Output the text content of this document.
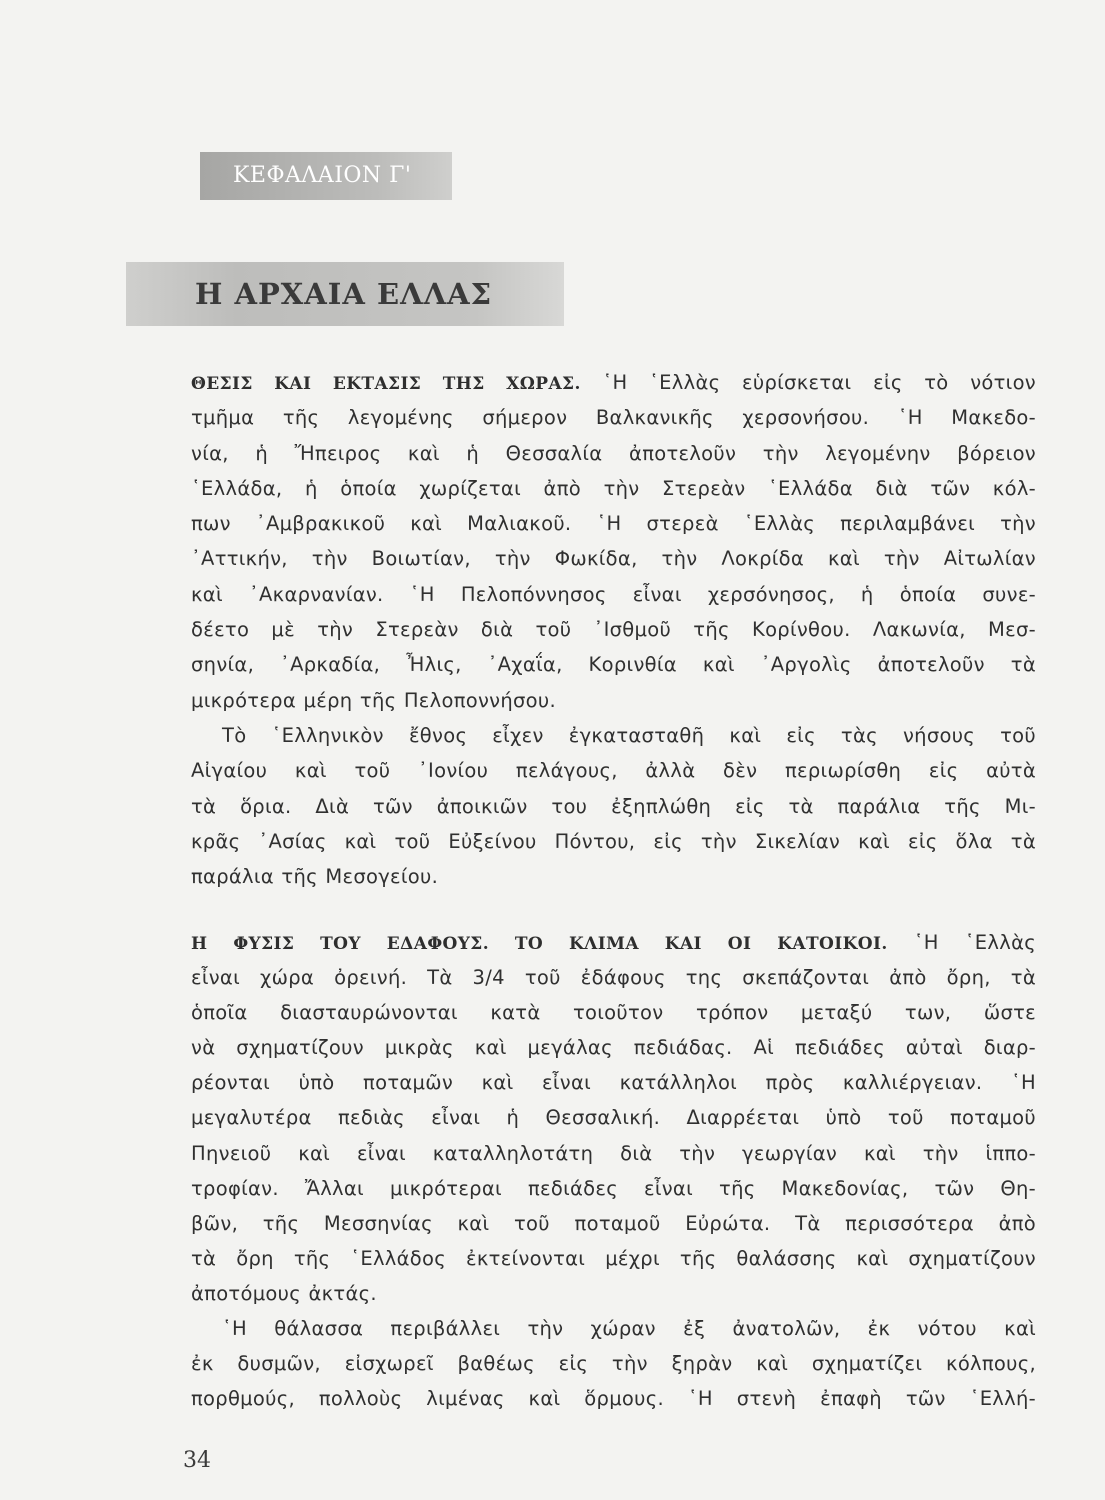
ΚΕΦΑΛΑΙΟΝ Γ'
Η ΑΡΧΑΙΑ ΕΛΛΑΣ
ΘΕΣΙΣ ΚΑΙ ΕΚΤΑΣΙΣ ΤΗΣ ΧΩΡΑΣ. ῾Η ῾Ελλὰς εὑρίσκεται εἰς τὸ νότιον
τμῆμα τῆς λεγομένης σήμερον Βαλκανικῆς χερσονήσου. ῾Η Μακεδο-
νία, ἡ Ἤπειρος καὶ ἡ Θεσσαλία ἀποτελοῦν τὴν λεγομένην βόρειον
῾Ελλάδα, ἡ ὁποία χωρίζεται ἀπὸ τὴν Στερεὰν ῾Ελλάδα διὰ τῶν κόλ-
πων ᾿Αμβρακικοῦ καὶ Μαλιακοῦ. ῾Η στερεὰ ῾Ελλὰς περιλαμβάνει τὴν
᾿Αττικήν, τὴν Βοιωτίαν, τὴν Φωκίδα, τὴν Λοκρίδα καὶ τὴν Αἰτωλίαν
καὶ ᾿Ακαρνανίαν. ῾Η Πελοπόννησος εἶναι χερσόνησος, ἡ ὁποία συνε-
δέετο μὲ τὴν Στερεὰν διὰ τοῦ ᾿Ισθμοῦ τῆς Κορίνθου. Λακωνία, Μεσ-
σηνία, ᾿Αρκαδία, Ἦλις, ᾿Αχαΐα, Κορινθία καὶ ᾿Αργολὶς ἀποτελοῦν τὰ
μικρότερα μέρη τῆς Πελοποννήσου.
Τὸ ῾Ελληνικὸν ἔθνος εἶχεν ἐγκατασταθῆ καὶ εἰς τὰς νήσους τοῦ
Αἰγαίου καὶ τοῦ ᾿Ιονίου πελάγους, ἀλλὰ δὲν περιωρίσθη εἰς αὐτὰ
τὰ ὅρια. Διὰ τῶν ἀποικιῶν του ἐξηπλώθη εἰς τὰ παράλια τῆς Μι-
κρᾶς ᾿Ασίας καὶ τοῦ Εὐξείνου Πόντου, εἰς τὴν Σικελίαν καὶ εἰς ὅλα τὰ
παράλια τῆς Μεσογείου.
Η ΦΥΣΙΣ ΤΟΥ ΕΔΑΦΟΥΣ. ΤΟ ΚΛΙΜΑ ΚΑΙ ΟΙ ΚΑΤΟΙΚΟΙ. ῾Η ῾Ελλὰς
εἶναι χώρα ὀρεινή. Τὰ 3/4 τοῦ ἐδάφους της σκεπάζονται ἀπὸ ὄρη, τὰ
ὁποῖα διασταυρώνονται κατὰ τοιοῦτον τρόπον μεταξύ των, ὥστε
νὰ σχηματίζουν μικρὰς καὶ μεγάλας πεδιάδας. Αἱ πεδιάδες αὐταὶ διαρ-
ρέονται ὑπὸ ποταμῶν καὶ εἶναι κατάλληλοι πρὸς καλλιέργειαν. ῾Η
μεγαλυτέρα πεδιὰς εἶναι ἡ Θεσσαλική. Διαρρέεται ὑπὸ τοῦ ποταμοῦ
Πηνειοῦ καὶ εἶναι καταλληλοτάτη διὰ τὴν γεωργίαν καὶ τὴν ἱππο-
τροφίαν. Ἄλλαι μικρότεραι πεδιάδες εἶναι τῆς Μακεδονίας, τῶν Θη-
βῶν, τῆς Μεσσηνίας καὶ τοῦ ποταμοῦ Εὐρώτα. Τὰ περισσότερα ἀπὸ
τὰ ὄρη τῆς ῾Ελλάδος ἐκτείνονται μέχρι τῆς θαλάσσης καὶ σχηματίζουν
ἀποτόμους ἀκτάς.
῾Η θάλασσα περιβάλλει τὴν χώραν ἐξ ἀνατολῶν, ἐκ νότου καὶ
ἐκ δυσμῶν, εἰσχωρεῖ βαθέως εἰς τὴν ξηρὰν καὶ σχηματίζει κόλπους,
πορθμούς, πολλοὺς λιμένας καὶ ὅρμους. ῾Η στενὴ ἐπαφὴ τῶν ῾Ελλή-
34
